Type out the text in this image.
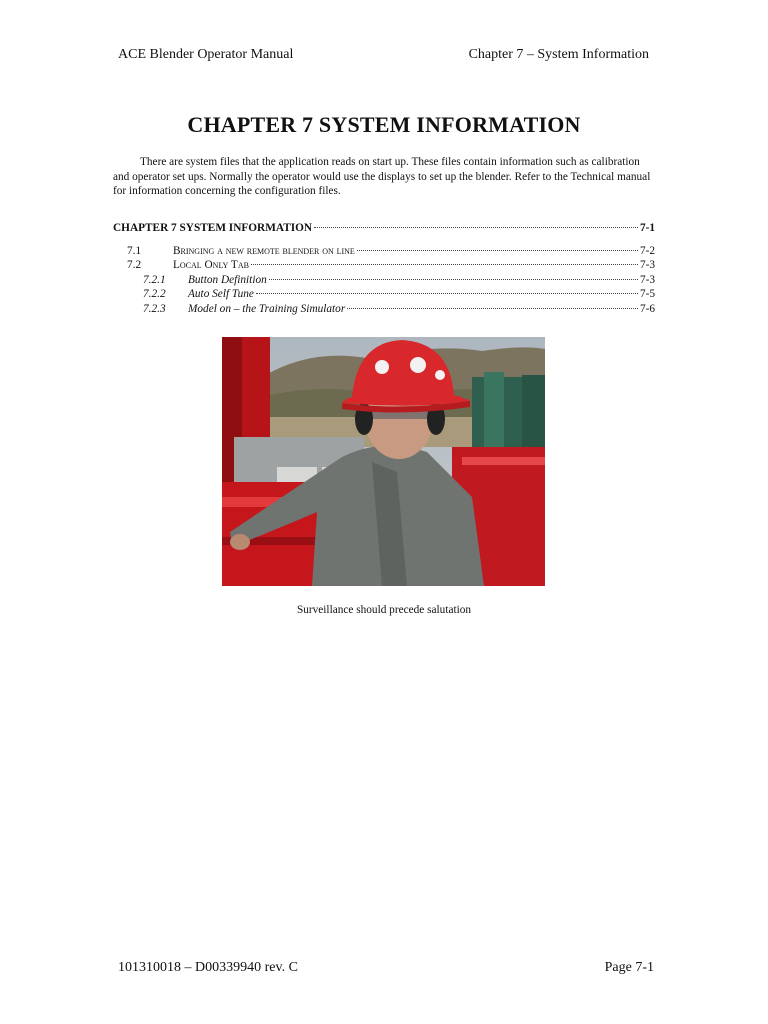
ACE Blender Operator Manual	Chapter 7 – System Information
CHAPTER 7 SYSTEM INFORMATION

There are system files that the application reads on start up. These files contain information such as calibration and operator set ups. Normally the operator would use the displays to set up the blender. Refer to the Technical manual for information concerning the configuration files.

CHAPTER 7 SYSTEM INFORMATION	7-1
7.1	Bringing a new remote blender on line	7-2
7.2	Local Only Tab	7-3
7.2.1	Button Definition	7-3
7.2.2	Auto Self Tune	7-5
7.2.3	Model on – the Training Simulator	7-6
Surveillance should precede salutation
101310018 – D00339940 rev. C	Page 7-1
